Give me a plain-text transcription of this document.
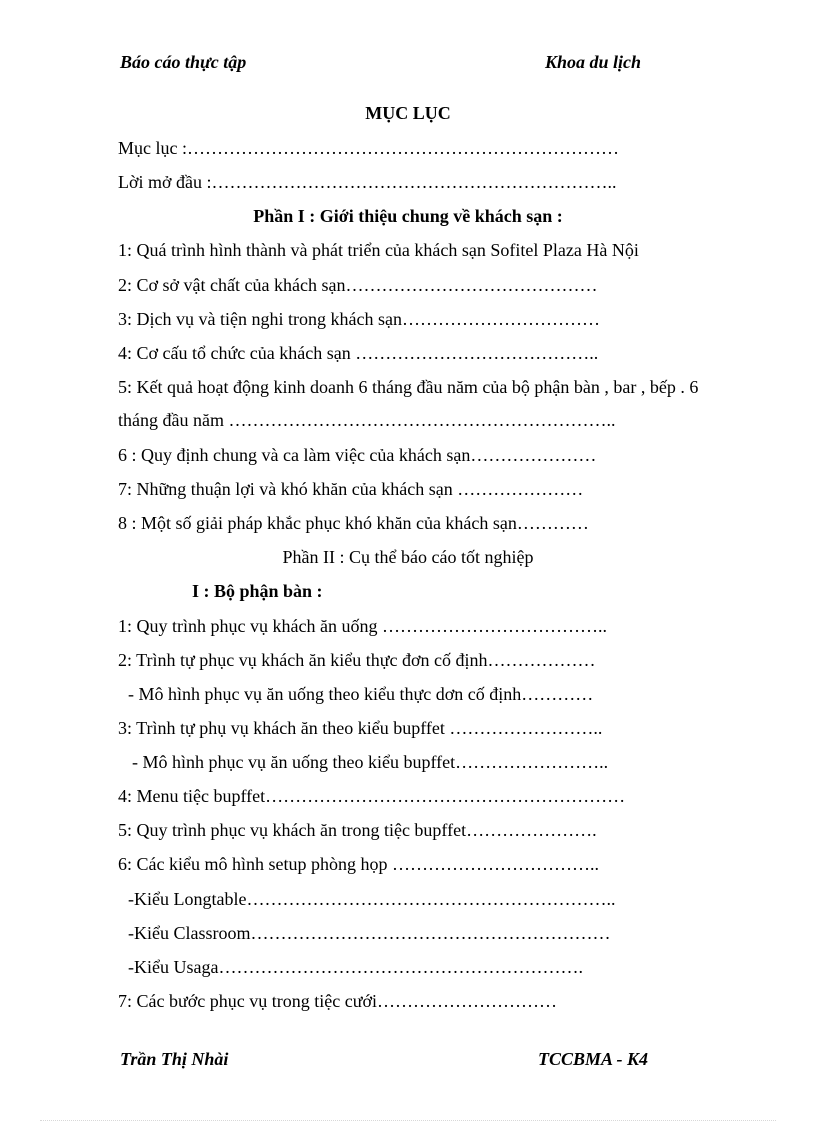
Báo cáo thực tập	Khoa du lịch
MỤC LỤC
Mục lục :………………………………………………………………
Lời mở đầu :…………………………………………………………..
Phần I : Giới thiệu chung về khách sạn :
1: Quá trình hình thành và phát triển của khách sạn Sofitel Plaza Hà Nội
2: Cơ sở vật chất của khách sạn……………………………………
3: Dịch vụ và tiện nghi trong khách sạn……………………………
4: Cơ cấu tổ chức của khách sạn …………………………………..
5: Kết quả hoạt động kinh doanh 6 tháng đầu năm của bộ phận bàn , bar , bếp . 6
tháng đầu năm ………………………………………………………..
6 : Quy định chung và ca làm việc của khách sạn…………………
7: Những thuận lợi và khó khăn của khách sạn …………………
8 : Một số giải pháp khắc phục khó khăn của khách sạn…………
Phần II : Cụ thể báo cáo tốt nghiệp
I : Bộ phận bàn :
1: Quy trình phục vụ khách ăn uống ………………………………..
2: Trình tự phục vụ khách ăn kiểu thực đơn cố định………………
- Mô hình phục vụ ăn uống theo kiểu thực dơn cố định…………
3: Trình tự phụ vụ khách ăn theo kiểu bupffet ……………………..
- Mô hình phục vụ ăn uống theo kiểu bupffet……………………..
4: Menu tiệc bupffet……………………………………………………
5: Quy trình phục vụ khách ăn trong tiệc bupffet………………….
6: Các kiểu mô hình setup phòng họp ……………………………..
-Kiểu Longtable……………………………………………………..
-Kiểu Classroom……………………………………………………
-Kiểu Usaga…………………………………………………….
7: Các bước phục vụ trong tiệc cưới…………………………
Trần Thị Nhài	TCCBMA - K4
